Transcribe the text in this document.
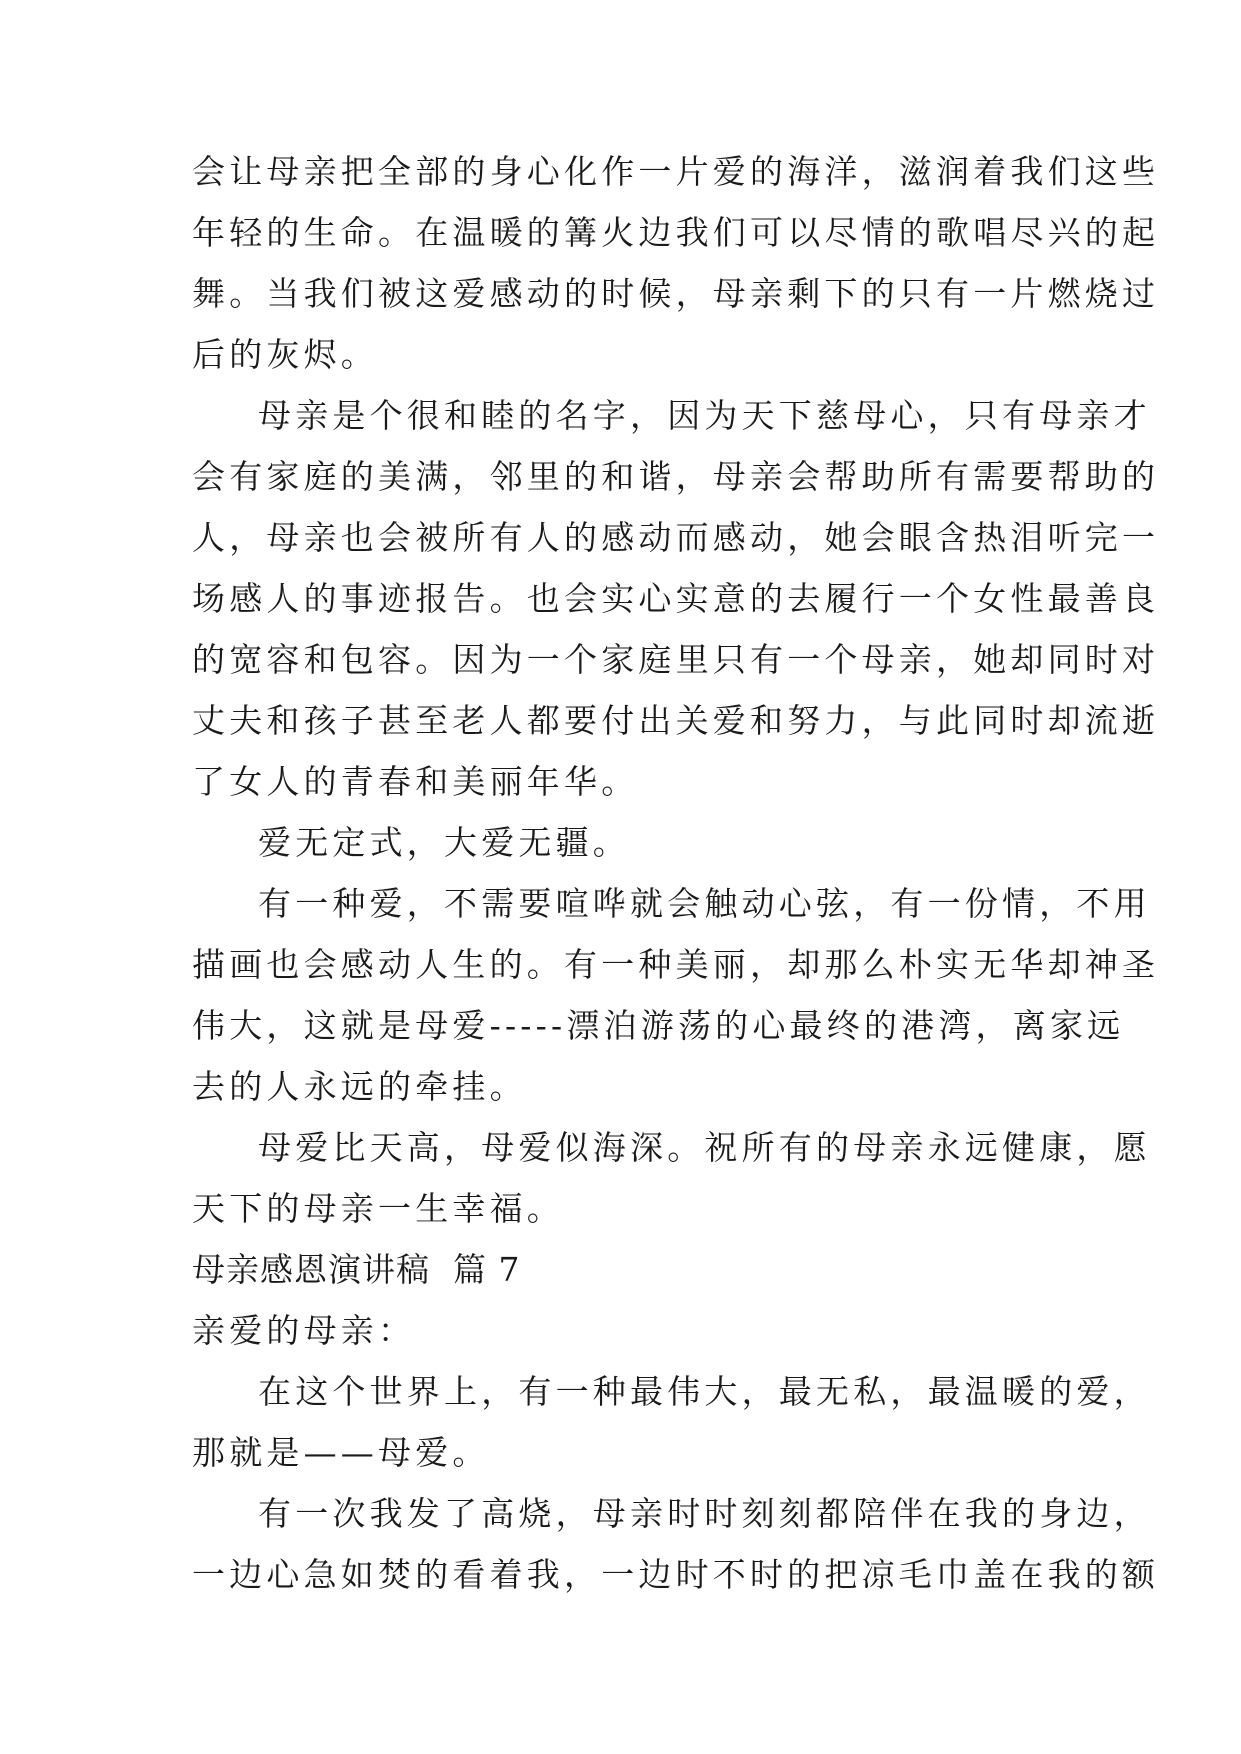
会让母亲把全部的身心化作一片爱的海洋，滋润着我们这些
年轻的生命。在温暖的篝火边我们可以尽情的歌唱尽兴的起
舞。当我们被这爱感动的时候，母亲剩下的只有一片燃烧过
后的灰烬。
母亲是个很和睦的名字，因为天下慈母心，只有母亲才
会有家庭的美满，邻里的和谐，母亲会帮助所有需要帮助的
人，母亲也会被所有人的感动而感动，她会眼含热泪听完一
场感人的事迹报告。也会实心实意的去履行一个女性最善良
的宽容和包容。因为一个家庭里只有一个母亲，她却同时对
丈夫和孩子甚至老人都要付出关爱和努力，与此同时却流逝
了女人的青春和美丽年华。
爱无定式，大爱无疆。
有一种爱，不需要喧哗就会触动心弦，有一份情，不用
描画也会感动人生的。有一种美丽，却那么朴实无华却神圣
伟大，这就是母爱-----漂泊游荡的心最终的港湾，离家远
去的人永远的牵挂。
母爱比天高，母爱似海深。祝所有的母亲永远健康，愿
天下的母亲一生幸福。
母亲感恩演讲稿  篇 7
亲爱的母亲：
在这个世界上，有一种最伟大，最无私，最温暖的爱，
那就是——母爱。
有一次我发了高烧，母亲时时刻刻都陪伴在我的身边，
一边心急如焚的看着我，一边时不时的把凉毛巾盖在我的额
